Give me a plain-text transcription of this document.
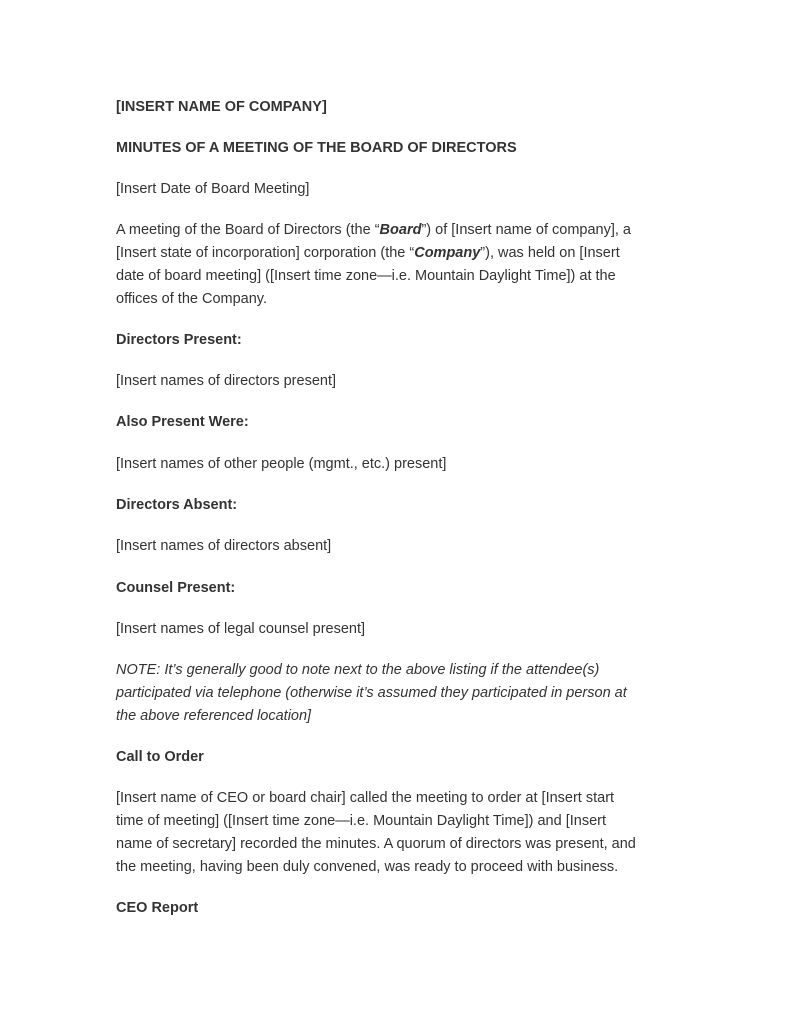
[INSERT NAME OF COMPANY]

MINUTES OF A MEETING OF THE BOARD OF DIRECTORS

[Insert Date of Board Meeting]

A meeting of the Board of Directors (the “Board”) of [Insert name of company], a
[Insert state of incorporation] corporation (the “Company”), was held on [Insert
date of board meeting] ([Insert time zone—i.e. Mountain Daylight Time]) at the
offices of the Company.

Directors Present:

[Insert names of directors present]

Also Present Were:

[Insert names of other people (mgmt., etc.) present]

Directors Absent:

[Insert names of directors absent]

Counsel Present:

[Insert names of legal counsel present]

NOTE: It’s generally good to note next to the above listing if the attendee(s)
participated via telephone (otherwise it’s assumed they participated in person at
the above referenced location]

Call to Order

[Insert name of CEO or board chair] called the meeting to order at [Insert start
time of meeting] ([Insert time zone—i.e. Mountain Daylight Time]) and [Insert
name of secretary] recorded the minutes. A quorum of directors was present, and
the meeting, having been duly convened, was ready to proceed with business.

CEO Report
